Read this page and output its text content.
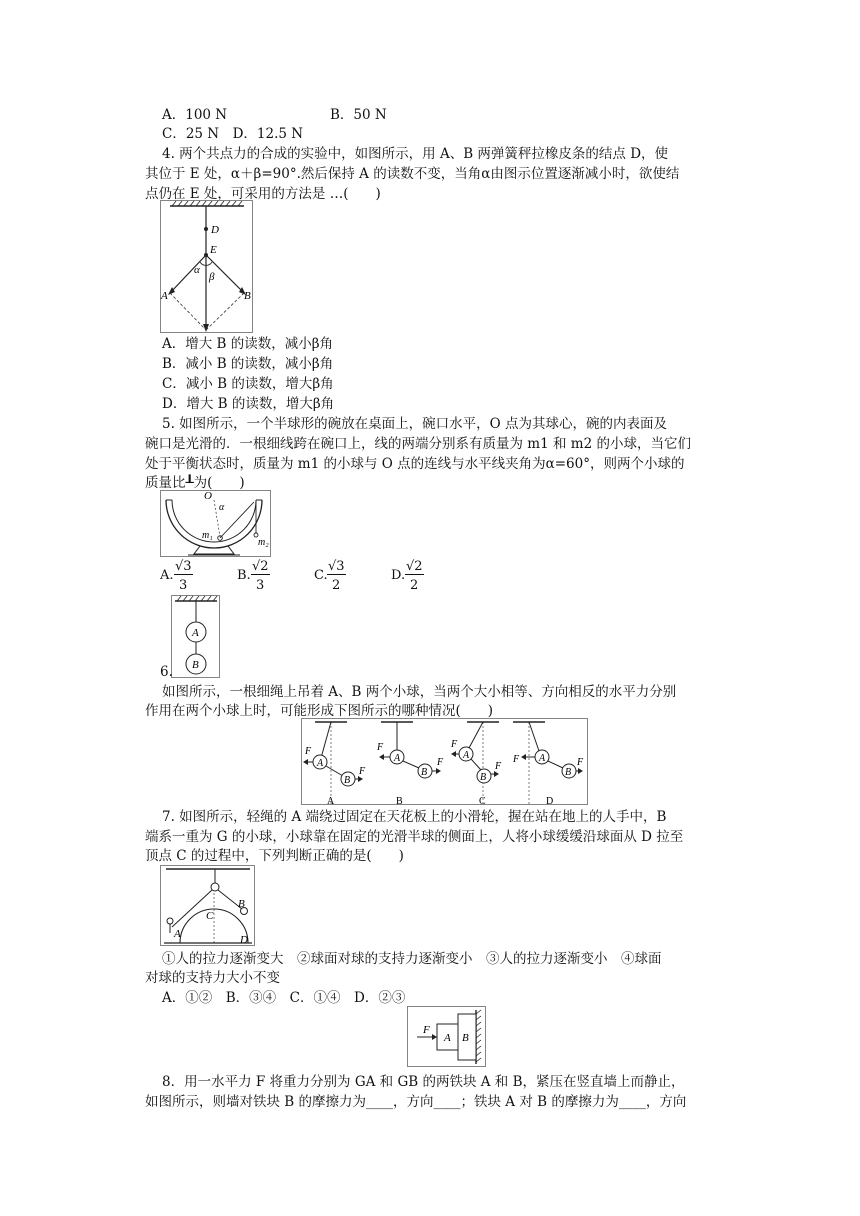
A．100 N	B．50 N
C．25 N　D．12.5 N
4. 两个共点力的合成的实验中，如图所示，用 A、B 两弹簧秤拉橡皮条的结点 D，使
其位于 E 处，α＋β=90°.然后保持 A 的读数不变，当角α由图示位置逐渐减小时，欲使结
点仍在 E 处，可采用的方法是 …(　　)
D
E
α
β
A	B
A．增大 B 的读数，减小β角
B．减小 B 的读数，减小β角
C．减小 B 的读数，增大β角
D．增大 B 的读数，增大β角
5. 如图所示，一个半球形的碗放在桌面上，碗口水平，O 点为其球心，碗的内表面及
碗口是光滑的．一根细线跨在碗口上，线的两端分别系有质量为 m1 和 m2 的小球，当它们
处于平衡状态时，质量为 m1 的小球与 O 点的连线与水平线夹角为α=60°，则两个小球的
质量比┸为(　　)
O
α
m₁
m₂
A.
√3
3
B.
√2
3
C.
√3
2
D.
√2
2
A
B
6.
如图所示，一根细绳上吊着 A、B 两个小球，当两个大小相等、方向相反的水平力分别
作用在两个小球上时，可能形成下图所示的哪种情况(　　)
A
F
B
F
A
F
B
F
A
F
B
F
A
F
B
F
A	B	C	D
7. 如图所示，轻绳的 A 端绕过固定在天花板上的小滑轮，握在站在地上的人手中，B
端系一重为 G 的小球，小球靠在固定的光滑半球的侧面上，人将小球缓缓沿球面从 D 拉至
顶点 C 的过程中，下列判断正确的是(　　)
A
B
C
D
①人的拉力逐渐变大　②球面对球的支持力逐渐变小　③人的拉力逐渐变小　④球面
对球的支持力大小不变
A．①②　B．③④　C．①④　D．②③
F
A B
8．用一水平力 F 将重力分别为 GA 和 GB 的两铁块 A 和 B，紧压在竖直墙上而静止，
如图所示，则墙对铁块 B 的摩擦力为____，方向____；铁块 A 对 B 的摩擦力为____，方向
